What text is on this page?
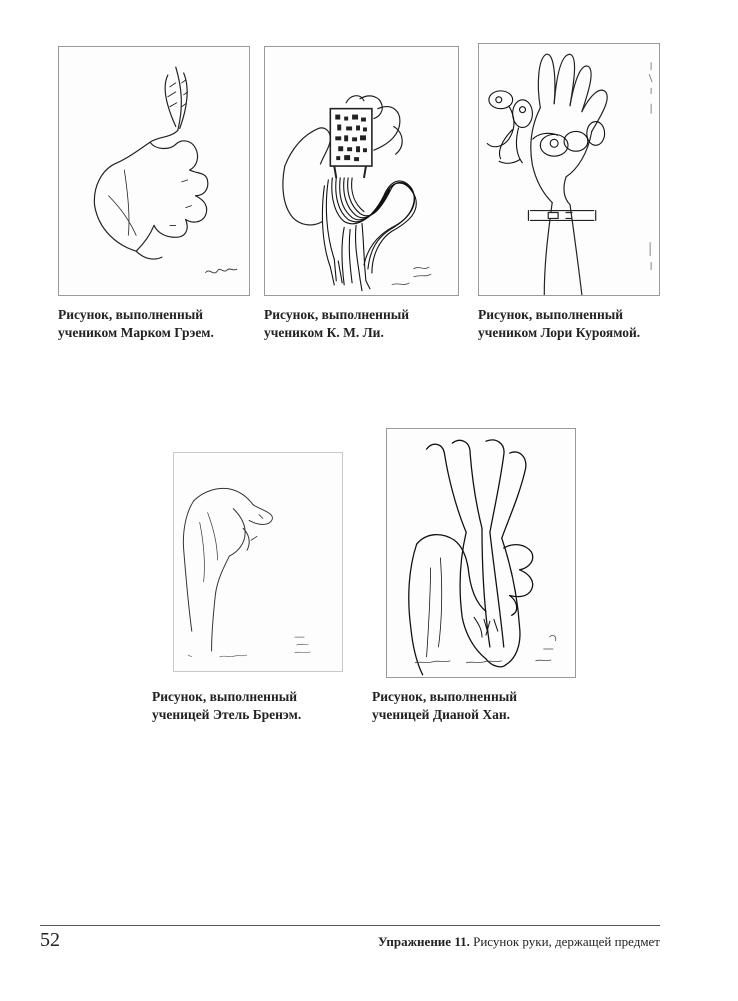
Рисунок, выполненный
учеником Марком Грэем.
Рисунок, выполненный
учеником К. М. Ли.
Рисунок, выполненный
учеником Лори Куроямой.
Рисунок, выполненный
ученицей Этель Бренэм.
Рисунок, выполненный
ученицей Дианой Хан.
52	Упражнение 11. Рисунок руки, держащей предмет
